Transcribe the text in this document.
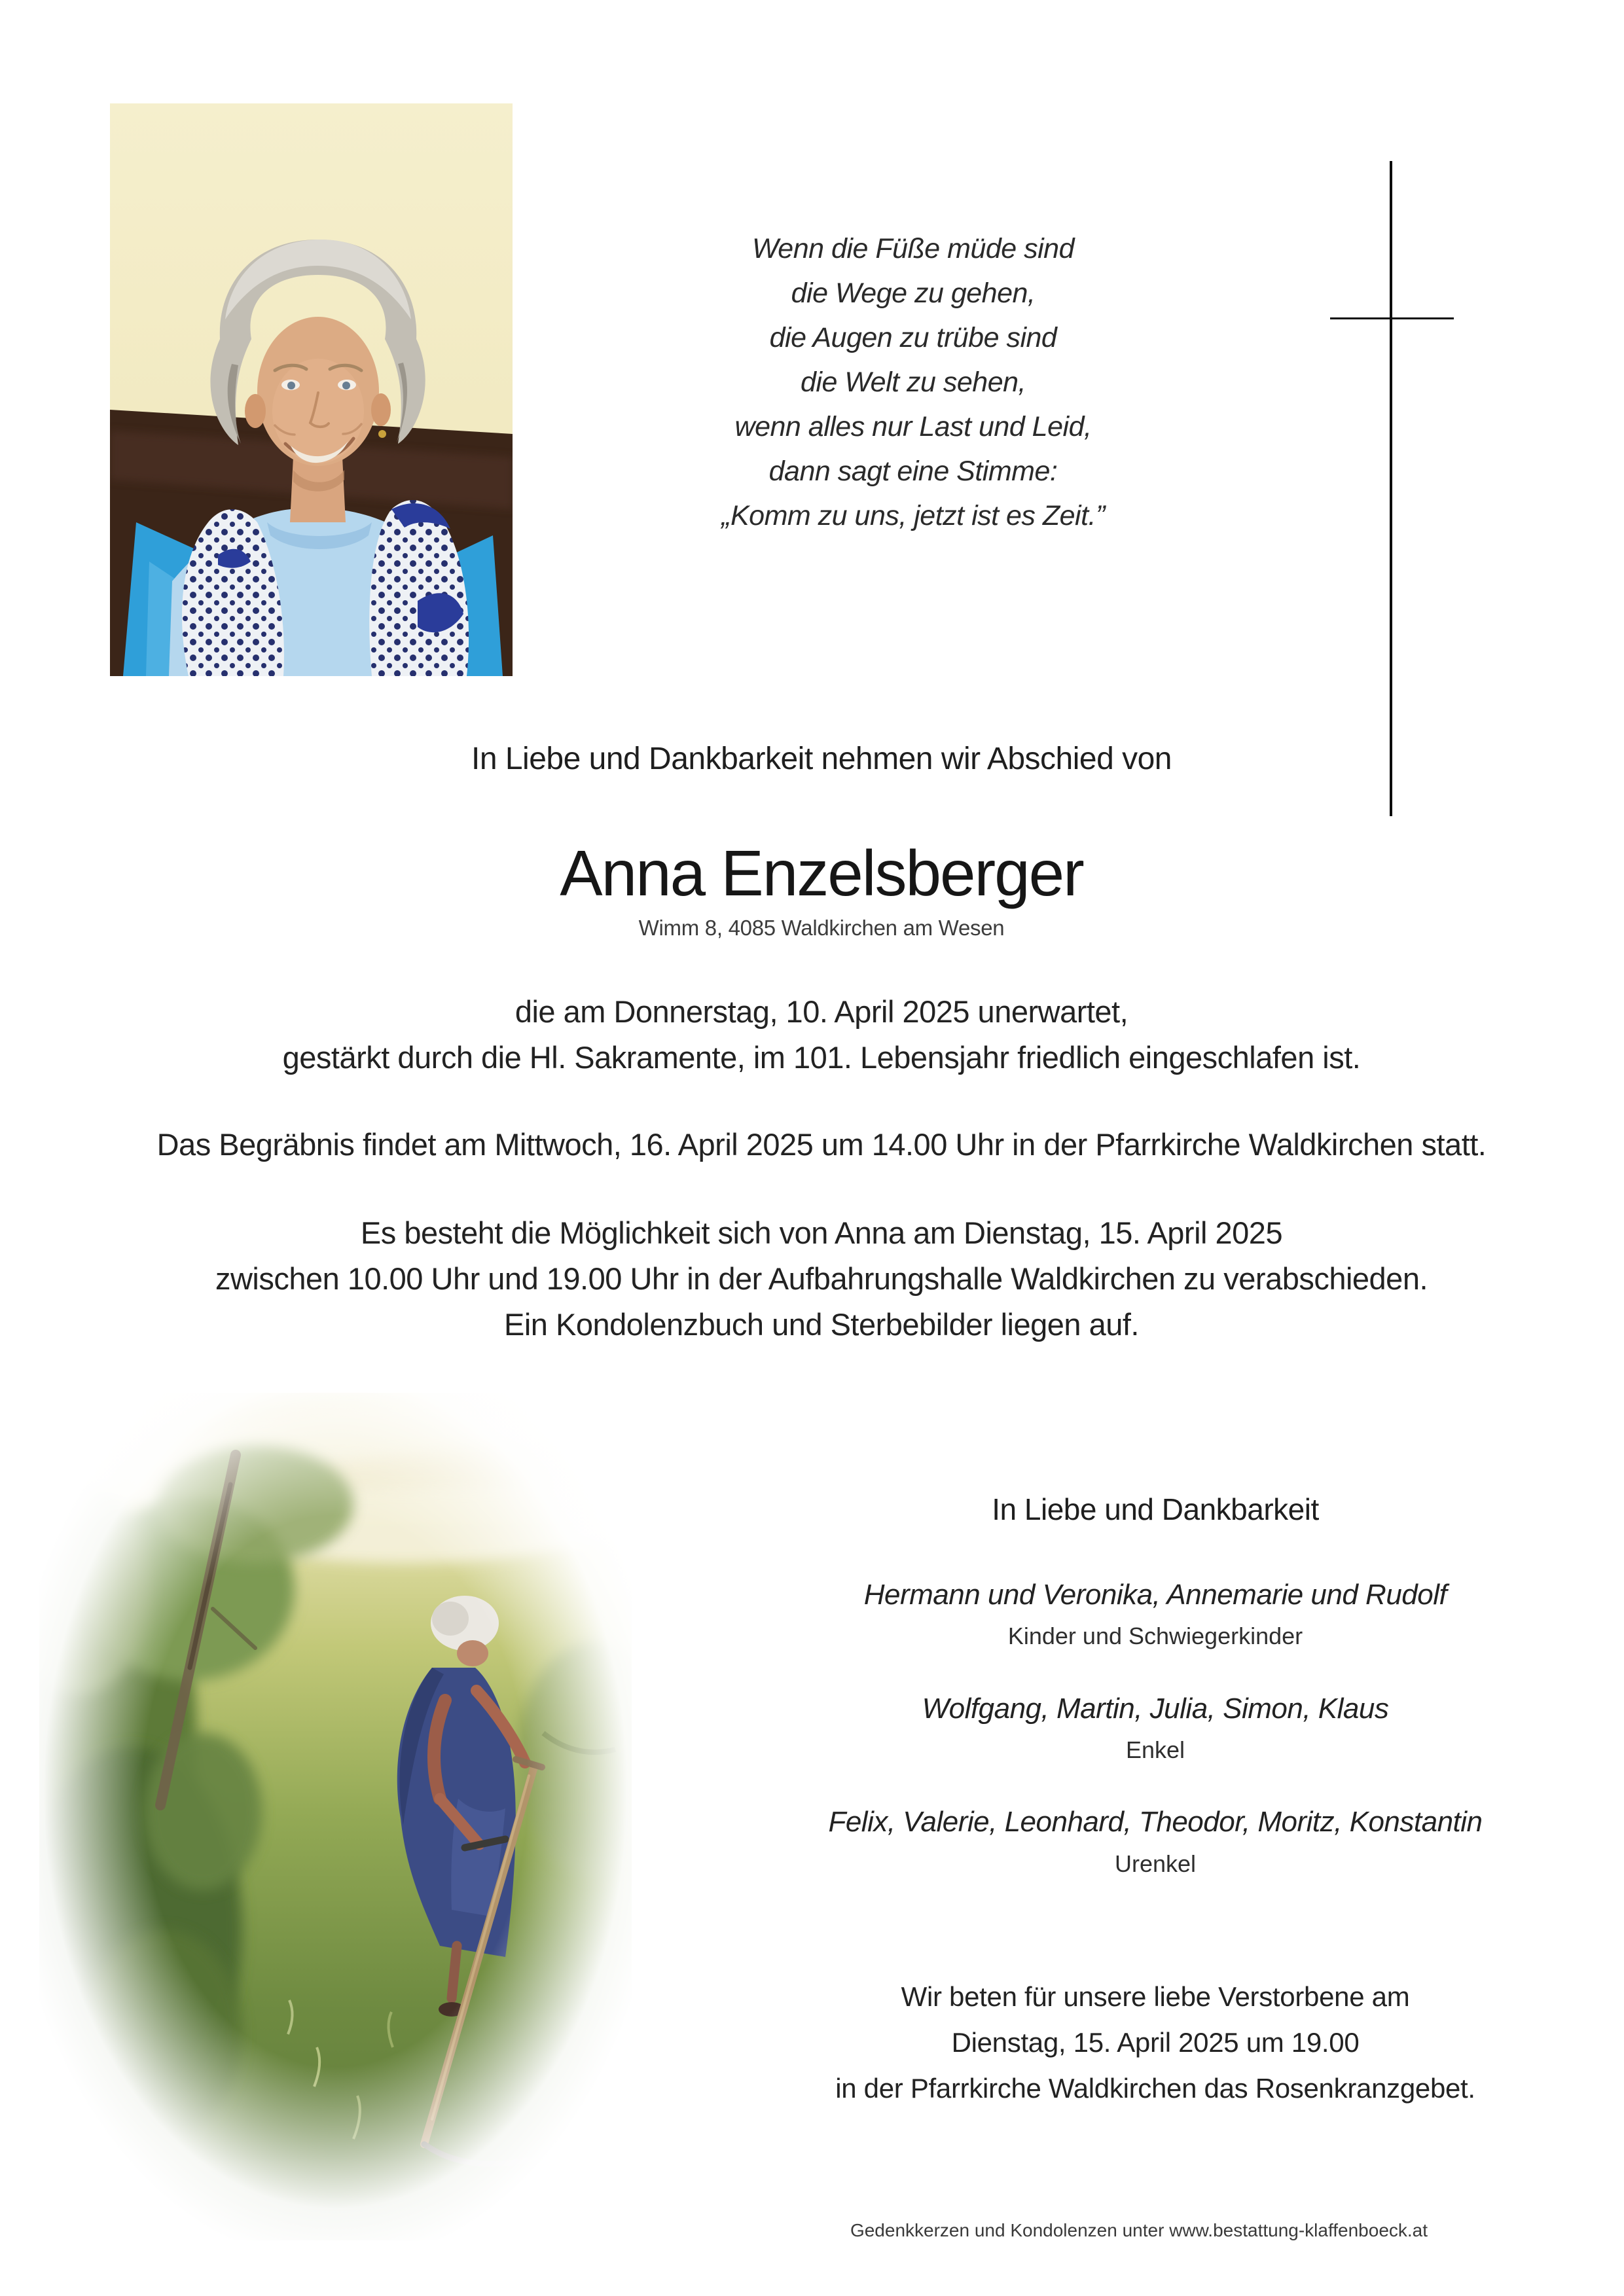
Wenn die Füße müde sind
die Wege zu gehen,
die Augen zu trübe sind
die Welt zu sehen,
wenn alles nur Last und Leid,
dann sagt eine Stimme:
„Komm zu uns, jetzt ist es Zeit.”
In Liebe und Dankbarkeit nehmen wir Abschied von
Anna Enzelsberger
Wimm 8, 4085 Waldkirchen am Wesen
die am Donnerstag, 10. April 2025 unerwartet,
gestärkt durch die Hl. Sakramente, im 101. Lebensjahr friedlich eingeschlafen ist.
Das Begräbnis findet am Mittwoch, 16. April 2025 um 14.00 Uhr in der Pfarrkirche Waldkirchen statt.
Es besteht die Möglichkeit sich von Anna am Dienstag, 15. April 2025
zwischen 10.00 Uhr und 19.00 Uhr in der Aufbahrungshalle Waldkirchen zu verabschieden.
Ein Kondolenzbuch und Sterbebilder liegen auf.
In Liebe und Dankbarkeit
Hermann und Veronika, Annemarie und Rudolf
Kinder und Schwiegerkinder
Wolfgang, Martin, Julia, Simon, Klaus
Enkel
Felix, Valerie, Leonhard, Theodor, Moritz, Konstantin
Urenkel
Wir beten für unsere liebe Verstorbene am
Dienstag, 15. April 2025 um 19.00
in der Pfarrkirche Waldkirchen das Rosenkranzgebet.
Gedenkkerzen und Kondolenzen unter www.bestattung-klaffenboeck.at
